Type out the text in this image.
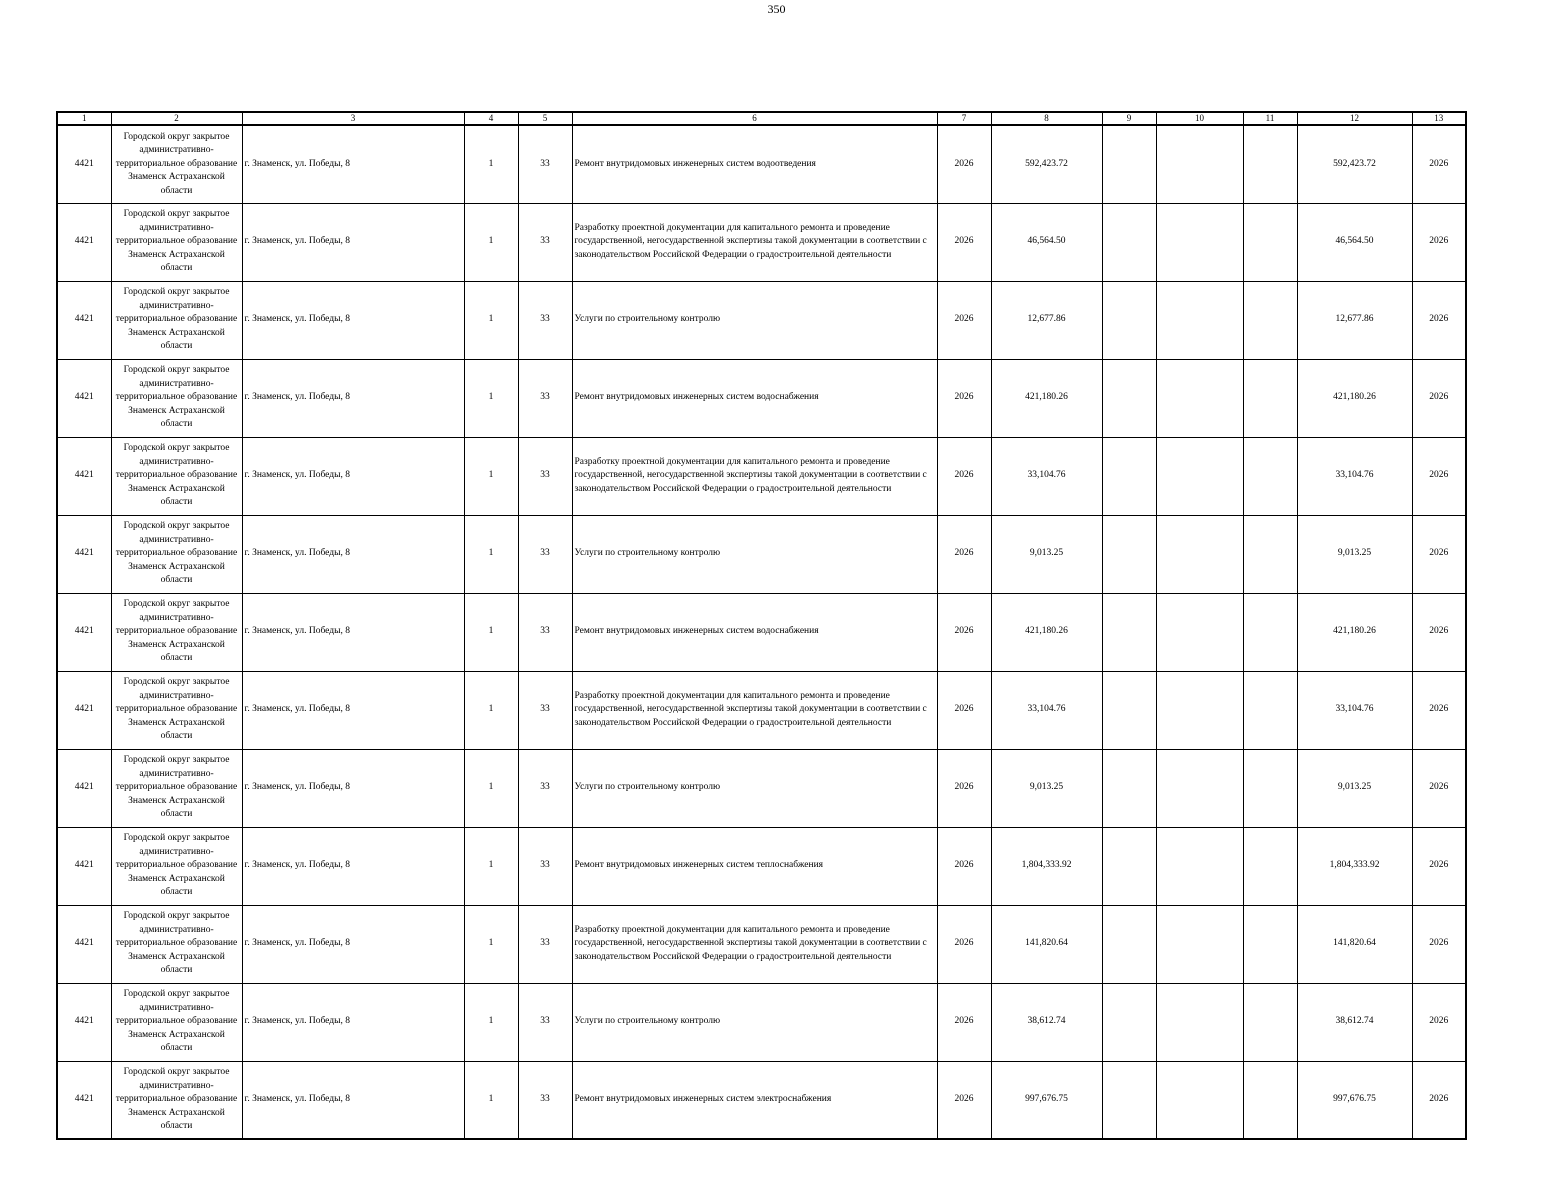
350
1	2	3	4	5	6	7	8	9	10	11	12	13
4421	Городской округ закрытое административно-территориальное образование Знаменск Астраханской области	г. Знаменск, ул. Победы, 8	1	33	Ремонт внутридомовых инженерных систем водоотведения	2026	592,423.72				592,423.72	2026
4421	Городской округ закрытое административно-территориальное образование Знаменск Астраханской области	г. Знаменск, ул. Победы, 8	1	33	Разработку проектной документации для капитального ремонта и проведение государственной, негосударственной экспертизы такой документации в соответствии с законодательством Российской Федерации о градостроительной деятельности	2026	46,564.50				46,564.50	2026
4421	Городской округ закрытое административно-территориальное образование Знаменск Астраханской области	г. Знаменск, ул. Победы, 8	1	33	Услуги по строительному контролю	2026	12,677.86				12,677.86	2026
4421	Городской округ закрытое административно-территориальное образование Знаменск Астраханской области	г. Знаменск, ул. Победы, 8	1	33	Ремонт внутридомовых инженерных систем водоснабжения	2026	421,180.26				421,180.26	2026
4421	Городской округ закрытое административно-территориальное образование Знаменск Астраханской области	г. Знаменск, ул. Победы, 8	1	33	Разработку проектной документации для капитального ремонта и проведение государственной, негосударственной экспертизы такой документации в соответствии с законодательством Российской Федерации о градостроительной деятельности	2026	33,104.76				33,104.76	2026
4421	Городской округ закрытое административно-территориальное образование Знаменск Астраханской области	г. Знаменск, ул. Победы, 8	1	33	Услуги по строительному контролю	2026	9,013.25				9,013.25	2026
4421	Городской округ закрытое административно-территориальное образование Знаменск Астраханской области	г. Знаменск, ул. Победы, 8	1	33	Ремонт внутридомовых инженерных систем водоснабжения	2026	421,180.26				421,180.26	2026
4421	Городской округ закрытое административно-территориальное образование Знаменск Астраханской области	г. Знаменск, ул. Победы, 8	1	33	Разработку проектной документации для капитального ремонта и проведение государственной, негосударственной экспертизы такой документации в соответствии с законодательством Российской Федерации о градостроительной деятельности	2026	33,104.76				33,104.76	2026
4421	Городской округ закрытое административно-территориальное образование Знаменск Астраханской области	г. Знаменск, ул. Победы, 8	1	33	Услуги по строительному контролю	2026	9,013.25				9,013.25	2026
4421	Городской округ закрытое административно-территориальное образование Знаменск Астраханской области	г. Знаменск, ул. Победы, 8	1	33	Ремонт внутридомовых инженерных систем теплоснабжения	2026	1,804,333.92				1,804,333.92	2026
4421	Городской округ закрытое административно-территориальное образование Знаменск Астраханской области	г. Знаменск, ул. Победы, 8	1	33	Разработку проектной документации для капитального ремонта и проведение государственной, негосударственной экспертизы такой документации в соответствии с законодательством Российской Федерации о градостроительной деятельности	2026	141,820.64				141,820.64	2026
4421	Городской округ закрытое административно-территориальное образование Знаменск Астраханской области	г. Знаменск, ул. Победы, 8	1	33	Услуги по строительному контролю	2026	38,612.74				38,612.74	2026
4421	Городской округ закрытое административно-территориальное образование Знаменск Астраханской области	г. Знаменск, ул. Победы, 8	1	33	Ремонт внутридомовых инженерных систем электроснабжения	2026	997,676.75				997,676.75	2026
